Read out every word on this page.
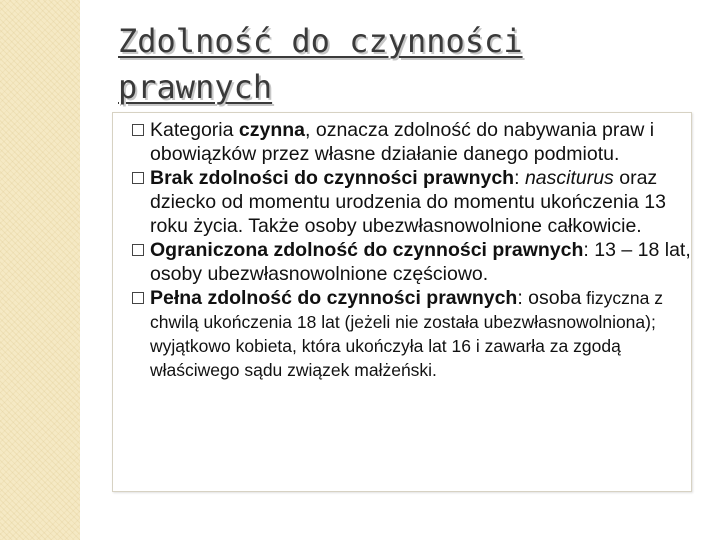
Zdolność do czynności prawnych
Kategoria czynna, oznacza zdolność do nabywania praw i obowiązków przez własne działanie danego podmiotu.
Brak zdolności do czynności prawnych: nasciturus oraz dziecko od momentu urodzenia do momentu ukończenia 13 roku życia. Także osoby ubezwłasnowolnione całkowicie.
Ograniczona zdolność do czynności prawnych: 13 – 18 lat, osoby ubezwłasnowolnione częściowo.
Pełna zdolność do czynności prawnych: osoba fizyczna z chwilą ukończenia 18 lat (jeżeli nie została ubezwłasnowolniona); wyjątkowo kobieta, która ukończyła lat 16 i zawarła za zgodą właściwego sądu związek małżeński.
